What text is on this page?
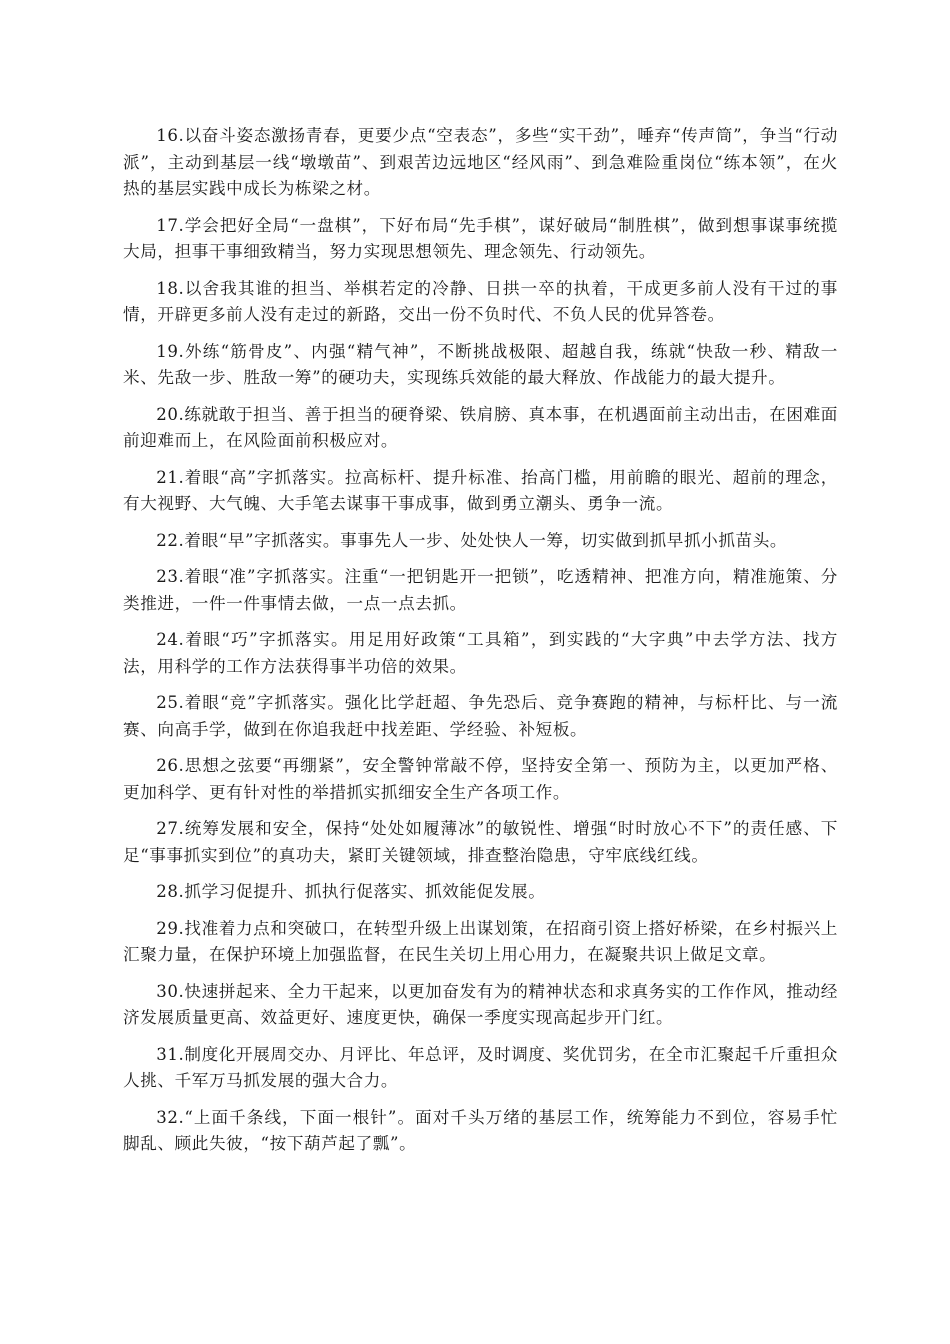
16.以奋斗姿态激扬青春，更要少点“空表态”，多些“实干劲”，唾弃“传声筒”，争当“行动派”，主动到基层一线“墩墩苗”、到艰苦边远地区“经风雨”、到急难险重岗位“练本领”，在火热的基层实践中成长为栋梁之材。

17.学会把好全局“一盘棋”，下好布局“先手棋”，谋好破局“制胜棋”，做到想事谋事统揽大局，担事干事细致精当，努力实现思想领先、理念领先、行动领先。

18.以舍我其谁的担当、举棋若定的冷静、日拱一卒的执着，干成更多前人没有干过的事情，开辟更多前人没有走过的新路，交出一份不负时代、不负人民的优异答卷。

19.外练“筋骨皮”、内强“精气神”，不断挑战极限、超越自我，练就“快敌一秒、精敌一米、先敌一步、胜敌一筹”的硬功夫，实现练兵效能的最大释放、作战能力的最大提升。

20.练就敢于担当、善于担当的硬脊梁、铁肩膀、真本事，在机遇面前主动出击，在困难面前迎难而上，在风险面前积极应对。

21.着眼“高”字抓落实。拉高标杆、提升标准、抬高门槛，用前瞻的眼光、超前的理念，有大视野、大气魄、大手笔去谋事干事成事，做到勇立潮头、勇争一流。

22.着眼“早”字抓落实。事事先人一步、处处快人一筹，切实做到抓早抓小抓苗头。

23.着眼“准”字抓落实。注重“一把钥匙开一把锁”，吃透精神、把准方向，精准施策、分类推进，一件一件事情去做，一点一点去抓。

24.着眼“巧”字抓落实。用足用好政策“工具箱”，到实践的“大字典”中去学方法、找方法，用科学的工作方法获得事半功倍的效果。

25.着眼“竞”字抓落实。强化比学赶超、争先恐后、竞争赛跑的精神，与标杆比、与一流赛、向高手学，做到在你追我赶中找差距、学经验、补短板。

26.思想之弦要“再绷紧”，安全警钟常敲不停，坚持安全第一、预防为主，以更加严格、更加科学、更有针对性的举措抓实抓细安全生产各项工作。

27.统筹发展和安全，保持“处处如履薄冰”的敏锐性、增强“时时放心不下”的责任感、下足“事事抓实到位”的真功夫，紧盯关键领域，排查整治隐患，守牢底线红线。

28.抓学习促提升、抓执行促落实、抓效能促发展。

29.找准着力点和突破口，在转型升级上出谋划策，在招商引资上搭好桥梁，在乡村振兴上汇聚力量，在保护环境上加强监督，在民生关切上用心用力，在凝聚共识上做足文章。

30.快速拼起来、全力干起来，以更加奋发有为的精神状态和求真务实的工作作风，推动经济发展质量更高、效益更好、速度更快，确保一季度实现高起步开门红。

31.制度化开展周交办、月评比、年总评，及时调度、奖优罚劣，在全市汇聚起千斤重担众人挑、千军万马抓发展的强大合力。

32.“上面千条线，下面一根针”。面对千头万绪的基层工作，统筹能力不到位，容易手忙脚乱、顾此失彼，“按下葫芦起了瓢”。
